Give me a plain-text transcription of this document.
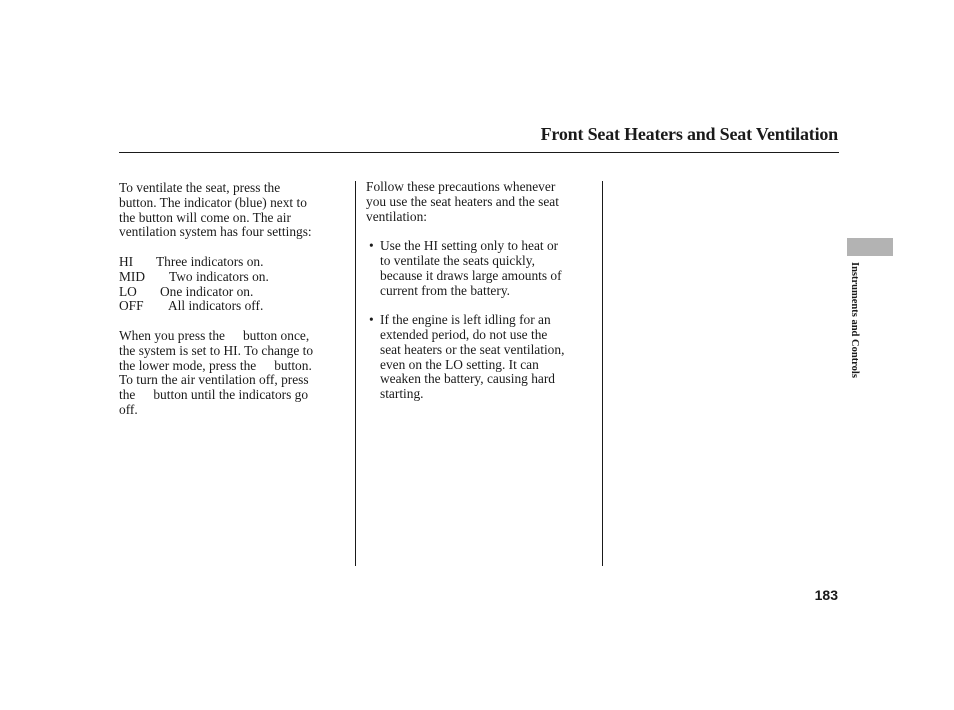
Front Seat Heaters and Seat Ventilation

To ventilate the seat, press the

button. The indicator (blue) next to

the button will come on. The air

ventilation system has four settings:

HI Three indicators on.
MID Two indicators on.
LO One indicator on.
OFF All indicators off.

When you press the button once,

the system is set to HI. To change to

the lower mode, press the button.

To turn the air ventilation off, press

the button until the indicators go

off.

Follow these precautions whenever

you use the seat heaters and the seat

ventilation:

• Use the HI setting only to heat or

to ventilate the seats quickly,

because it draws large amounts of

current from the battery.

• If the engine is left idling for an

extended period, do not use the

seat heaters or the seat ventilation,

even on the LO setting. It can

weaken the battery, causing hard

starting.

Instruments and Controls
183
